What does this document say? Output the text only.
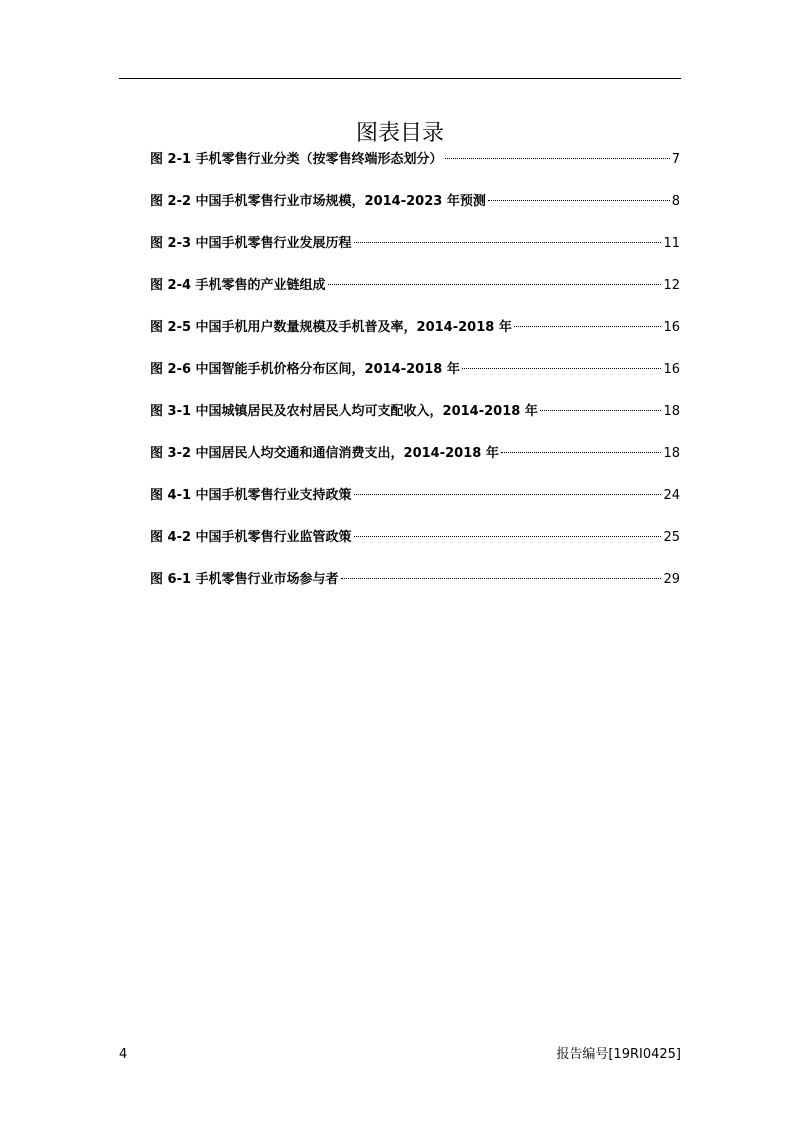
图表目录
图 2-1 手机零售行业分类（按零售终端形态划分）	7
图 2-2 中国手机零售行业市场规模，2014-2023 年预测	8
图 2-3 中国手机零售行业发展历程	11
图 2-4 手机零售的产业链组成	12
图 2-5 中国手机用户数量规模及手机普及率，2014-2018 年	16
图 2-6 中国智能手机价格分布区间，2014-2018 年	16
图 3-1 中国城镇居民及农村居民人均可支配收入，2014-2018 年	18
图 3-2 中国居民人均交通和通信消费支出，2014-2018 年	18
图 4-1 中国手机零售行业支持政策	24
图 4-2 中国手机零售行业监管政策	25
图 6-1 手机零售行业市场参与者	29
4	报告编号[19RI0425]
